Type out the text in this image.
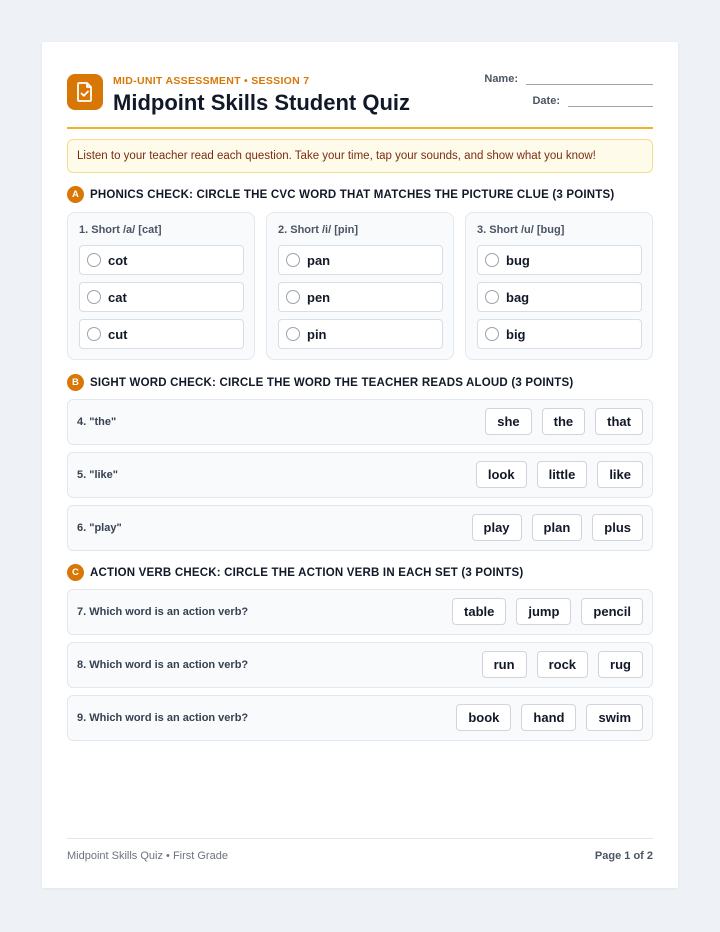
MID-UNIT ASSESSMENT • SESSION 7
Midpoint Skills Student Quiz
Name:
Date:
Listen to your teacher read each question. Take your time, tap your sounds, and show what you know!
A PHONICS CHECK: CIRCLE THE CVC WORD THAT MATCHES THE PICTURE CLUE (3 POINTS)
1. Short /a/ [cat]
cot
cat
cut
2. Short /i/ [pin]
pan
pen
pin
3. Short /u/ [bug]
bug
bag
big
B SIGHT WORD CHECK: CIRCLE THE WORD THE TEACHER READS ALOUD (3 POINTS)
4. "the"	she	the	that
5. "like"	look	little	like
6. "play"	play	plan	plus
C ACTION VERB CHECK: CIRCLE THE ACTION VERB IN EACH SET (3 POINTS)
7. Which word is an action verb?	table	jump	pencil
8. Which word is an action verb?	run	rock	rug
9. Which word is an action verb?	book	hand	swim
Midpoint Skills Quiz • First Grade	Page 1 of 2
